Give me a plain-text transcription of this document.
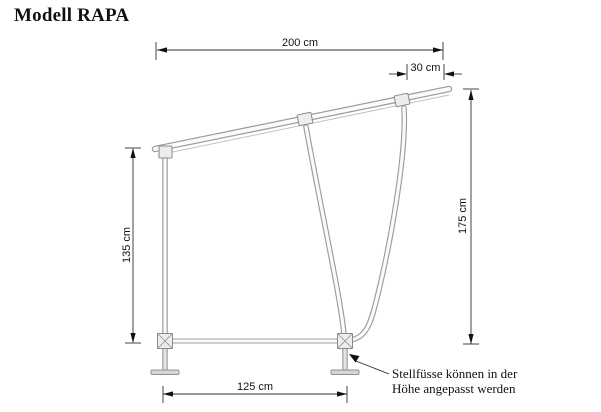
Modell RAPA
200 cm
30 cm
135 cm
175 cm
125 cm
Stellfüsse können in der
Höhe angepasst werden
